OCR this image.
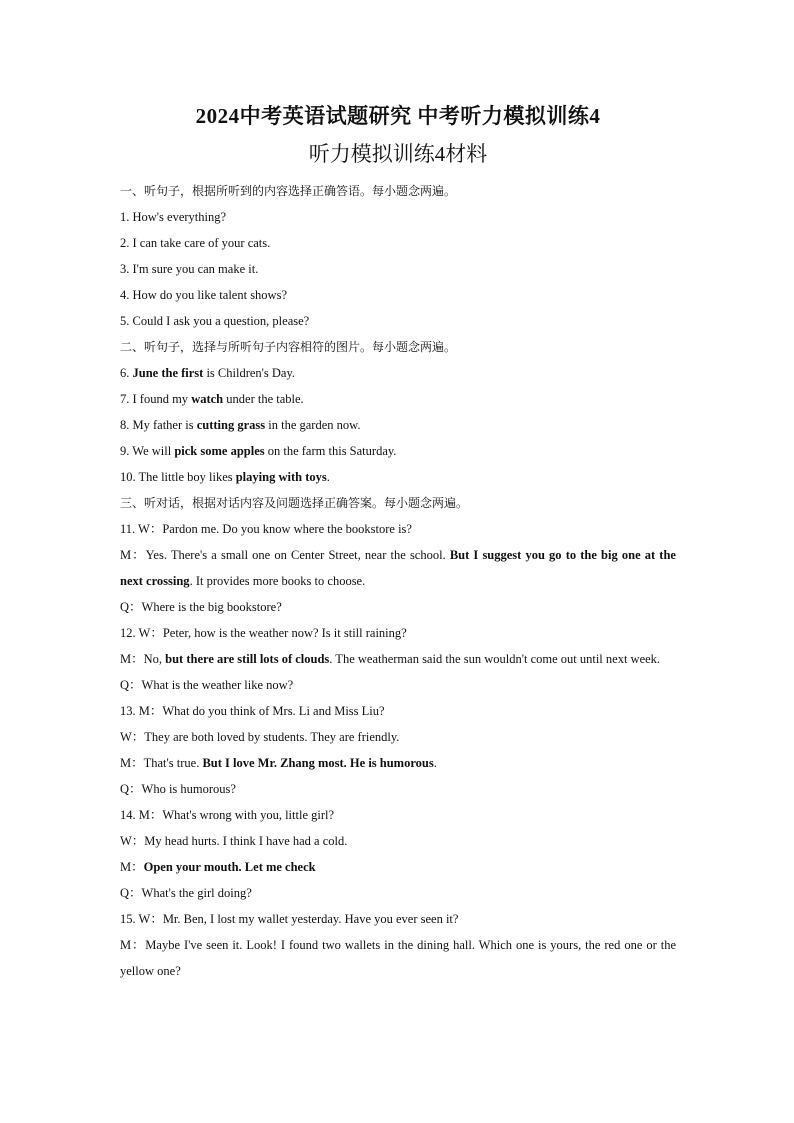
2024中考英语试题研究 中考听力模拟训练4

听力模拟训练4材料

一、听句子，根据所听到的内容选择正确答语。每小题念两遍。

1. How's everything?

2. I can take care of your cats.

3. I'm sure you can make it.

4. How do you like talent shows?

5. Could I ask you a question, please?

二、听句子，选择与所听句子内容相符的图片。每小题念两遍。

6. June the first is Children's Day.

7. I found my watch under the table.

8. My father is cutting grass in the garden now.

9. We will pick some apples on the farm this Saturday.

10. The little boy likes playing with toys.

三、听对话，根据对话内容及问题选择正确答案。每小题念两遍。

11. W：Pardon me. Do you know where the bookstore is?

M：Yes. There's a small one on Center Street, near the school. But I suggest you go to the big one at the next crossing. It provides more books to choose.

Q：Where is the big bookstore?

12. W：Peter, how is the weather now? Is it still raining?

M：No, but there are still lots of clouds. The weatherman said the sun wouldn't come out until next week.

Q：What is the weather like now?

13. M：What do you think of Mrs. Li and Miss Liu?

W：They are both loved by students. They are friendly.

M：That's true. But I love Mr. Zhang most. He is humorous.

Q：Who is humorous?

14. M：What's wrong with you, little girl?

W：My head hurts. I think I have had a cold.

M：Open your mouth. Let me check

Q：What's the girl doing?

15. W：Mr. Ben, I lost my wallet yesterday. Have you ever seen it?

M：Maybe I've seen it. Look! I found two wallets in the dining hall. Which one is yours, the red one or the yellow one?
